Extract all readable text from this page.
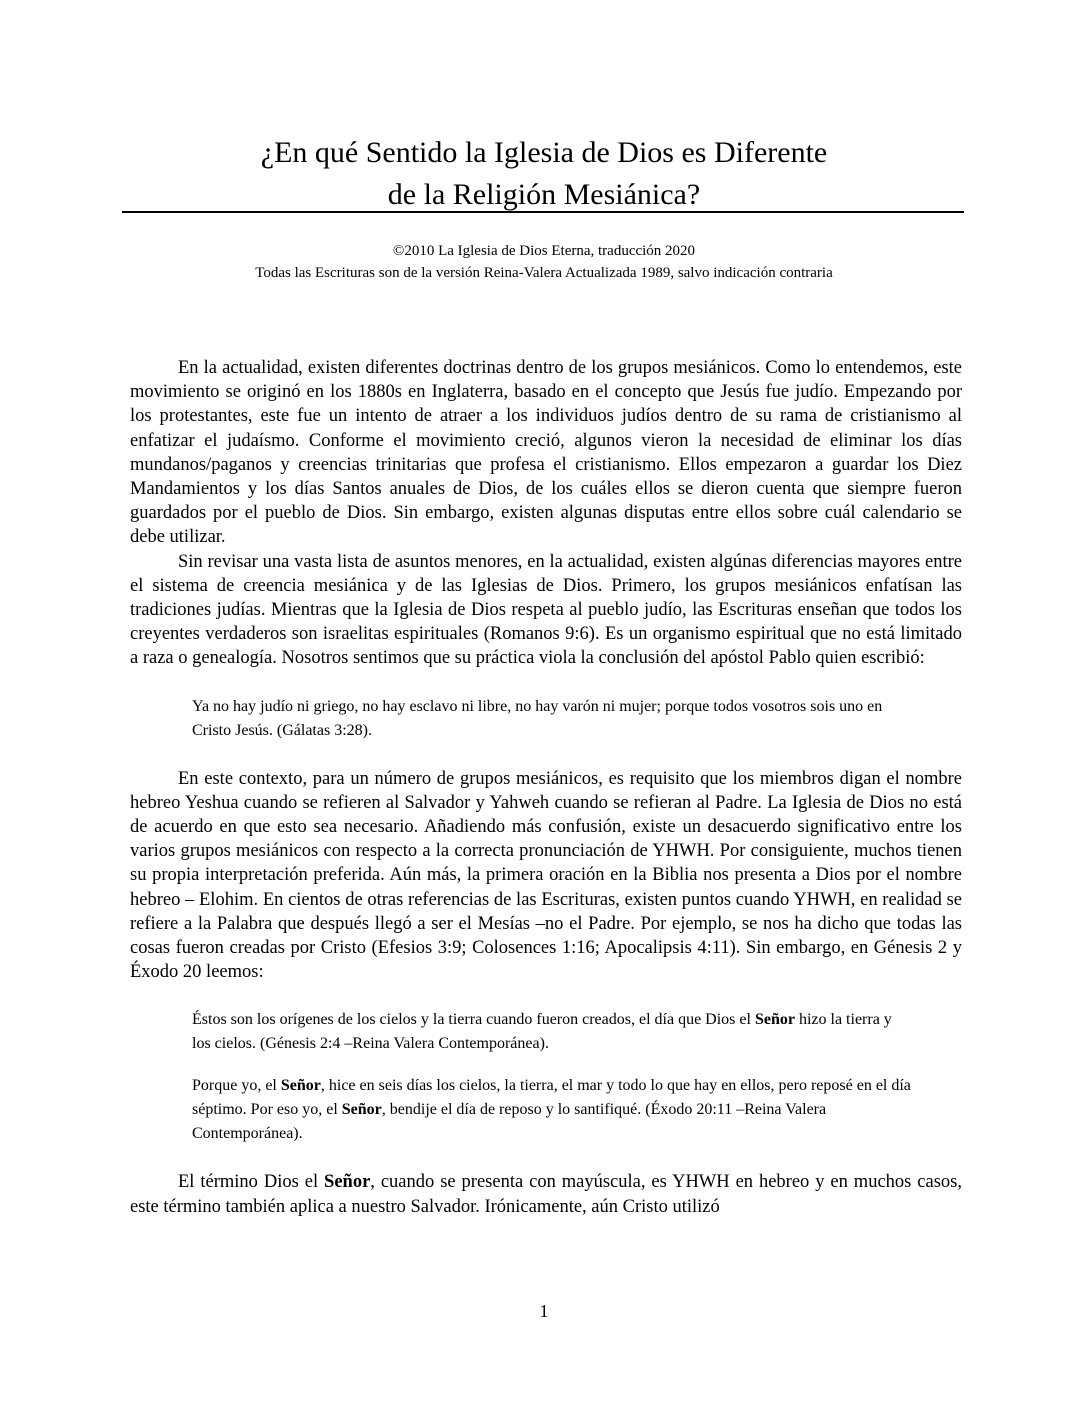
¿En qué Sentido la Iglesia de Dios es Diferente
de la Religión Mesiánica?
©2010 La Iglesia de Dios Eterna, traducción 2020
Todas las Escrituras son de la versión Reina-Valera Actualizada 1989, salvo indicación contraria

En la actualidad, existen diferentes doctrinas dentro de los grupos mesiánicos. Como lo entendemos, este movimiento se originó en los 1880s en Inglaterra, basado en el concepto que Jesús fue judío. Empezando por los protestantes, este fue un intento de atraer a los individuos judíos dentro de su rama de cristianismo al enfatizar el judaísmo. Conforme el movimiento creció, algunos vieron la necesidad de eliminar los días mundanos/paganos y creencias trinitarias que profesa el cristianismo. Ellos empezaron a guardar los Diez Mandamientos y los días Santos anuales de Dios, de los cuáles ellos se dieron cuenta que siempre fueron guardados por el pueblo de Dios. Sin embargo, existen algunas disputas entre ellos sobre cuál calendario se debe utilizar.

Sin revisar una vasta lista de asuntos menores, en la actualidad, existen algúnas diferencias mayores entre el sistema de creencia mesiánica y de las Iglesias de Dios. Primero, los grupos mesiánicos enfatísan las tradiciones judías. Mientras que la Iglesia de Dios respeta al pueblo judío, las Escrituras enseñan que todos los creyentes verdaderos son israelitas espirituales (Romanos 9:6). Es un organismo espiritual que no está limitado a raza o genealogía. Nosotros sentimos que su práctica viola la conclusión del apóstol Pablo quien escribió:

Ya no hay judío ni griego, no hay esclavo ni libre, no hay varón ni mujer; porque todos vosotros sois uno en Cristo Jesús. (Gálatas 3:28).

En este contexto, para un número de grupos mesiánicos, es requisito que los miembros digan el nombre hebreo Yeshua cuando se refieren al Salvador y Yahweh cuando se refieran al Padre. La Iglesia de Dios no está de acuerdo en que esto sea necesario. Añadiendo más confusión, existe un desacuerdo significativo entre los varios grupos mesiánicos con respecto a la correcta pronunciación de YHWH. Por consiguiente, muchos tienen su propia interpretación preferida. Aún más, la primera oración en la Biblia nos presenta a Dios por el nombre hebreo – Elohim. En cientos de otras referencias de las Escrituras, existen puntos cuando YHWH, en realidad se refiere a la Palabra que después llegó a ser el Mesías –no el Padre. Por ejemplo, se nos ha dicho que todas las cosas fueron creadas por Cristo (Efesios 3:9; Colosences 1:16; Apocalipsis 4:11). Sin embargo, en Génesis 2 y Éxodo 20 leemos:

Éstos son los orígenes de los cielos y la tierra cuando fueron creados, el día que Dios el Señor hizo la tierra y los cielos. (Génesis 2:4 –Reina Valera Contemporánea).

Porque yo, el Señor, hice en seis días los cielos, la tierra, el mar y todo lo que hay en ellos, pero reposé en el día séptimo. Por eso yo, el Señor, bendije el día de reposo y lo santifiqué. (Éxodo 20:11 –Reina Valera Contemporánea).

El término Dios el Señor, cuando se presenta con mayúscula, es YHWH en hebreo y en muchos casos, este término también aplica a nuestro Salvador. Irónicamente, aún Cristo utilizó

1
